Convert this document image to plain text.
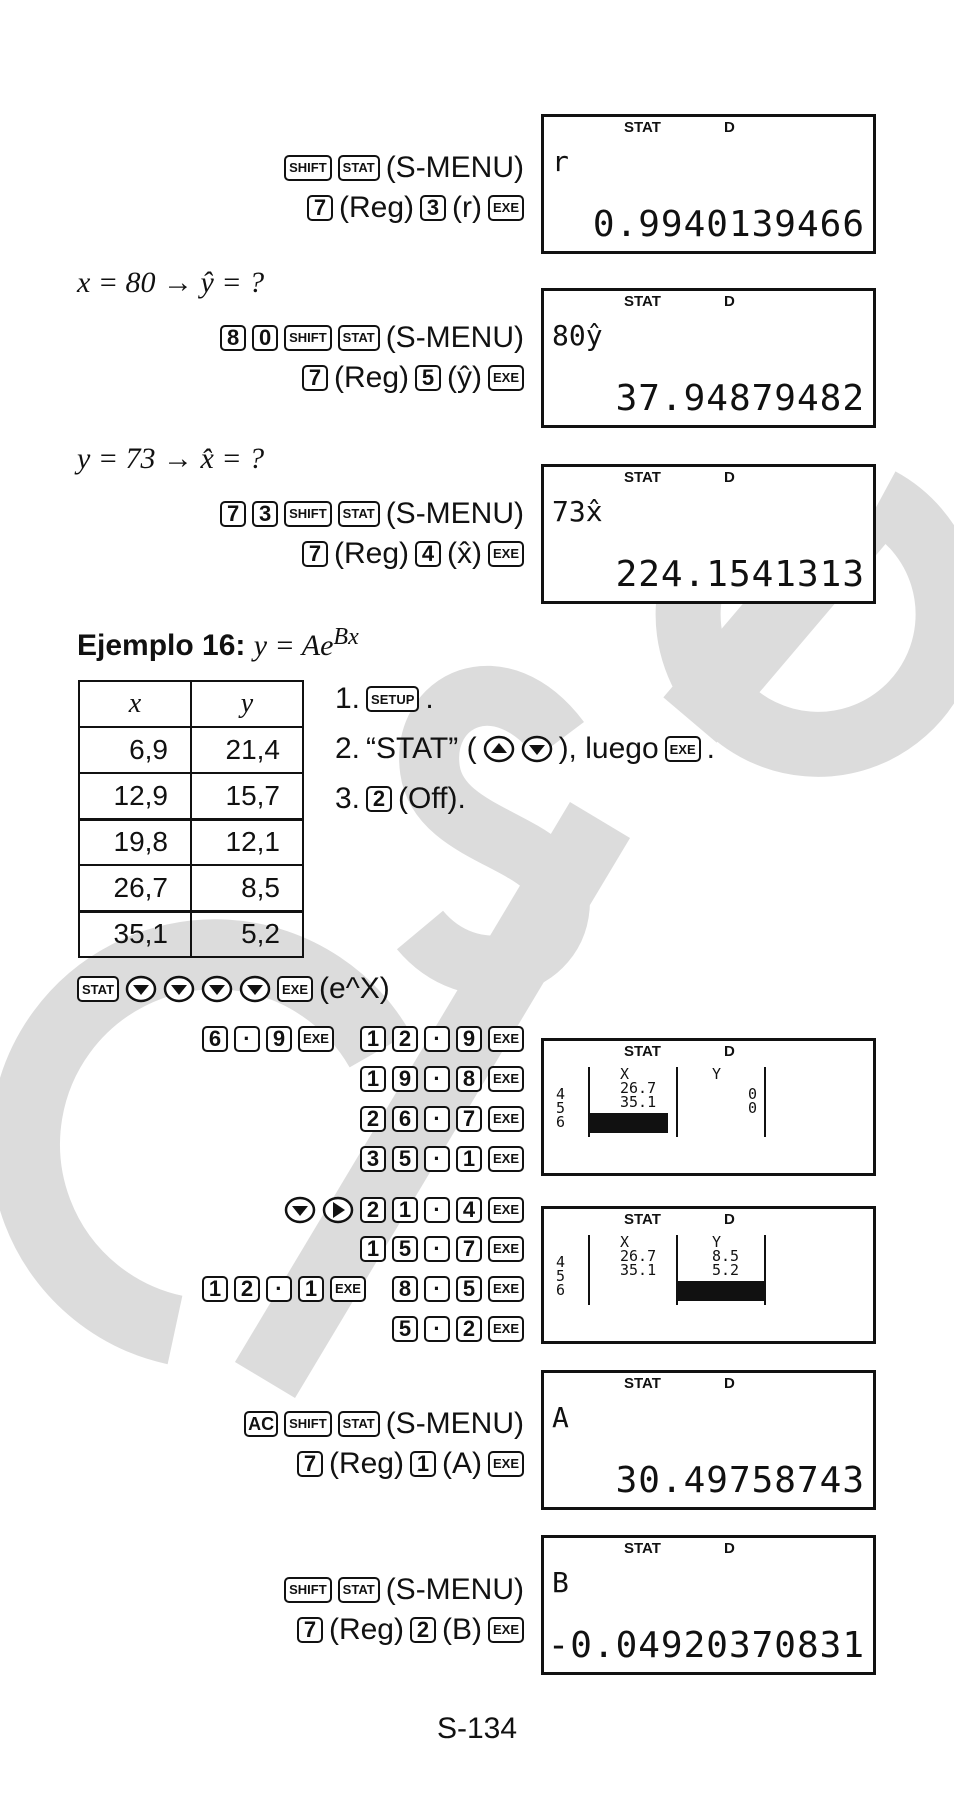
SHIFT	STAT (S-MENU)
7 (Reg) 3 (r) EXE
STAT	D
r
0.9940139466
x = 80 → ŷ = ?
8 0	SHIFT	STAT (S-MENU)
7 (Reg) 5 (ŷ) EXE
STAT	D
80ŷ
37.94879482
y = 73 → x̂ = ?
7 3	SHIFT	STAT (S-MENU)
7 (Reg) 4 (x̂) EXE
STAT	D
73x̂
224.1541313
Ejemplo 16: $y = Ae^{Bx}$
x	y
6,9	21,4
12,9	15,7
19,8	12,1
26,7	8,5
35,1	5,2
1. SETUP .
2. “STAT” (	), luego EXE .
3. 2 (Off).
STAT	EXE (e^X)
6	·	9	EXE	1 2	·	9	EXE
1 9	·	8	EXE
2 6	·	7	EXE
3 5	·	1	EXE
STAT	D
4
5
6
X
26.7
35.1
Y
0
0
2 1	·	4	EXE
1 5	·	7	EXE
1 2	·	1	EXE	8	·	5	EXE
5	·	2	EXE
STAT	D
4
5
6
X
26.7
35.1
Y
8.5
5.2
AC	SHIFT	STAT (S-MENU)
7 (Reg) 1 (A) EXE
STAT	D
A
30.49758743
SHIFT	STAT (S-MENU)
7 (Reg) 2 (B) EXE
STAT	D
B
-0.04920370831
S-134
